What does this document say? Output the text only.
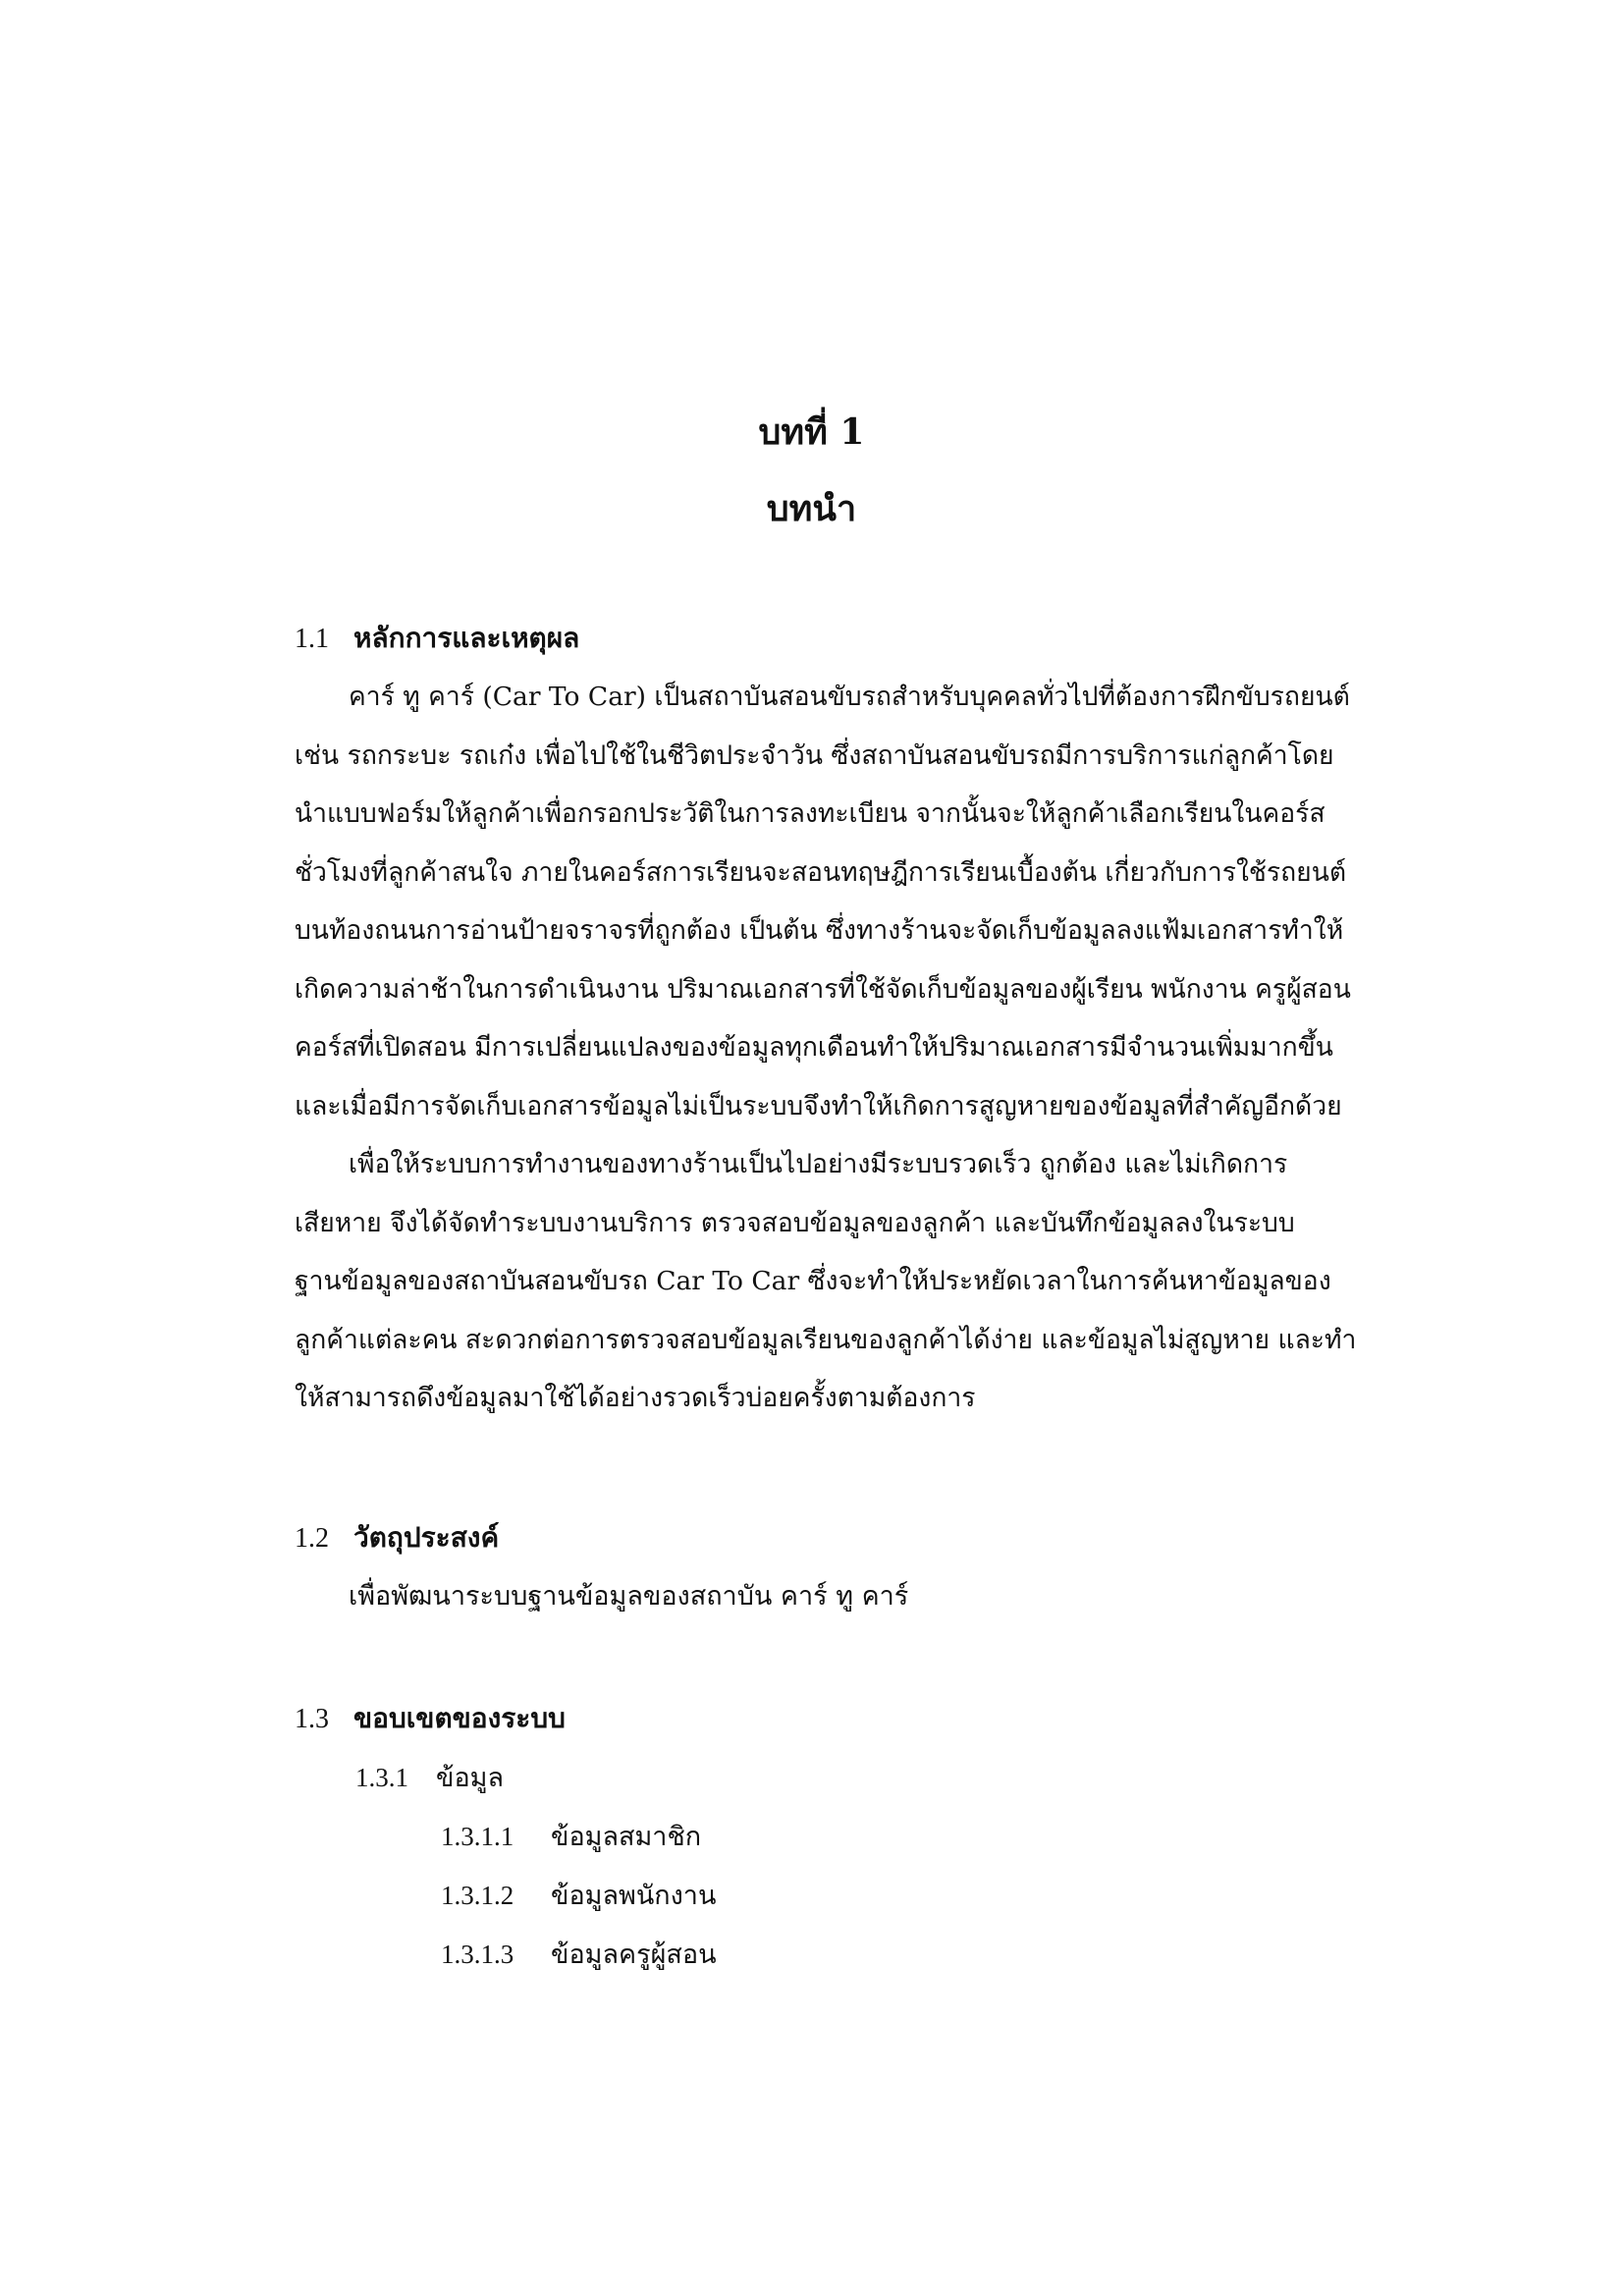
บทที่ 1
บทนำ
1.1 หลักการและเหตุผล
คาร์ ทู คาร์ (Car To Car) เป็นสถาบันสอนขับรถสำหรับบุคคลทั่วไปที่ต้องการฝึกขับรถยนต์
เช่น รถกระบะ รถเก๋ง เพื่อไปใช้ในชีวิตประจำวัน ซึ่งสถาบันสอนขับรถมีการบริการแก่ลูกค้าโดย
นำแบบฟอร์มให้ลูกค้าเพื่อกรอกประวัติในการลงทะเบียน จากนั้นจะให้ลูกค้าเลือกเรียนในคอร์ส
ชั่วโมงที่ลูกค้าสนใจ ภายในคอร์สการเรียนจะสอนทฤษฎีการเรียนเบื้องต้น เกี่ยวกับการใช้รถยนต์
บนท้องถนนการอ่านป้ายจราจรที่ถูกต้อง เป็นต้น ซึ่งทางร้านจะจัดเก็บข้อมูลลงแฟ้มเอกสารทำให้
เกิดความล่าช้าในการดำเนินงาน ปริมาณเอกสารที่ใช้จัดเก็บข้อมูลของผู้เรียน พนักงาน ครูผู้สอน
คอร์สที่เปิดสอน มีการเปลี่ยนแปลงของข้อมูลทุกเดือนทำให้ปริมาณเอกสารมีจำนวนเพิ่มมากขึ้น
และเมื่อมีการจัดเก็บเอกสารข้อมูลไม่เป็นระบบจึงทำให้เกิดการสูญหายของข้อมูลที่สำคัญอีกด้วย
เพื่อให้ระบบการทำงานของทางร้านเป็นไปอย่างมีระบบรวดเร็ว ถูกต้อง และไม่เกิดการ
เสียหาย จึงได้จัดทำระบบงานบริการ ตรวจสอบข้อมูลของลูกค้า และบันทึกข้อมูลลงในระบบ
ฐานข้อมูลของสถาบันสอนขับรถ Car To Car ซึ่งจะทำให้ประหยัดเวลาในการค้นหาข้อมูลของ
ลูกค้าแต่ละคน สะดวกต่อการตรวจสอบข้อมูลเรียนของลูกค้าได้ง่าย และข้อมูลไม่สูญหาย และทำ
ให้สามารถดึงข้อมูลมาใช้ได้อย่างรวดเร็วบ่อยครั้งตามต้องการ
1.2 วัตถุประสงค์
เพื่อพัฒนาระบบฐานข้อมูลของสถาบัน คาร์ ทู คาร์
1.3 ขอบเขตของระบบ
1.3.1 ข้อมูล
1.3.1.1 ข้อมูลสมาชิก
1.3.1.2 ข้อมูลพนักงาน
1.3.1.3 ข้อมูลครูผู้สอน
